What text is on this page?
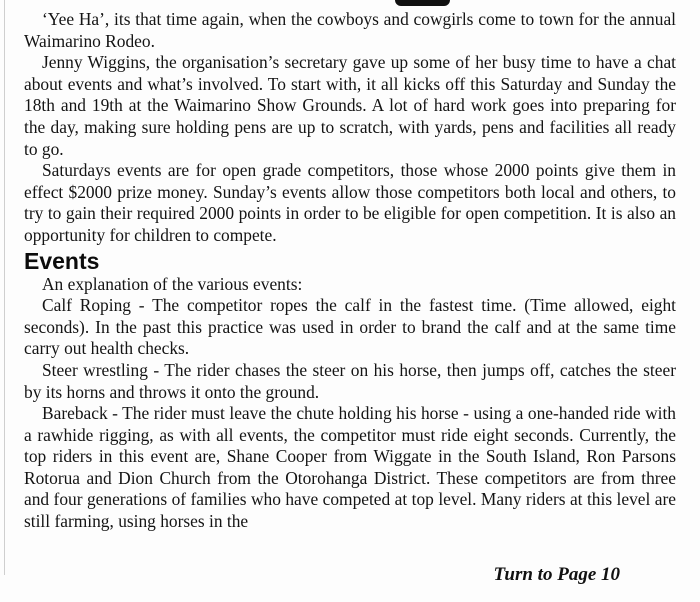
‘Yee Ha’, its that time again, when the cowboys and cowgirls come to town for the annual Waimarino Rodeo.

Jenny Wiggins, the organisation’s secretary gave up some of her busy time to have a chat about events and what’s involved. To start with, it all kicks off this Saturday and Sunday the 18th and 19th at the Waimarino Show Grounds. A lot of hard work goes into preparing for the day, making sure holding pens are up to scratch, with yards, pens and facilities all ready to go.

Saturdays events are for open grade competitors, those whose 2000 points give them in effect $2000 prize money. Sunday’s events allow those competitors both local and others, to try to gain their required 2000 points in order to be eligible for open competition. It is also an opportunity for children to compete.

Events

An explanation of the various events:

Calf Roping - The competitor ropes the calf in the fastest time. (Time allowed, eight seconds). In the past this practice was used in order to brand the calf and at the same time carry out health checks.

Steer wrestling - The rider chases the steer on his horse, then jumps off, catches the steer by its horns and throws it onto the ground.

Bareback - The rider must leave the chute holding his horse - using a one-handed ride with a rawhide rigging, as with all events, the competitor must ride eight seconds. Currently, the top riders in this event are, Shane Cooper from Wiggate in the South Island, Ron Parsons Rotorua and Dion Church from the Otorohanga District. These competitors are from three and four generations of families who have competed at top level. Many riders at this level are still farming, using horses in the

Turn to Page 10
